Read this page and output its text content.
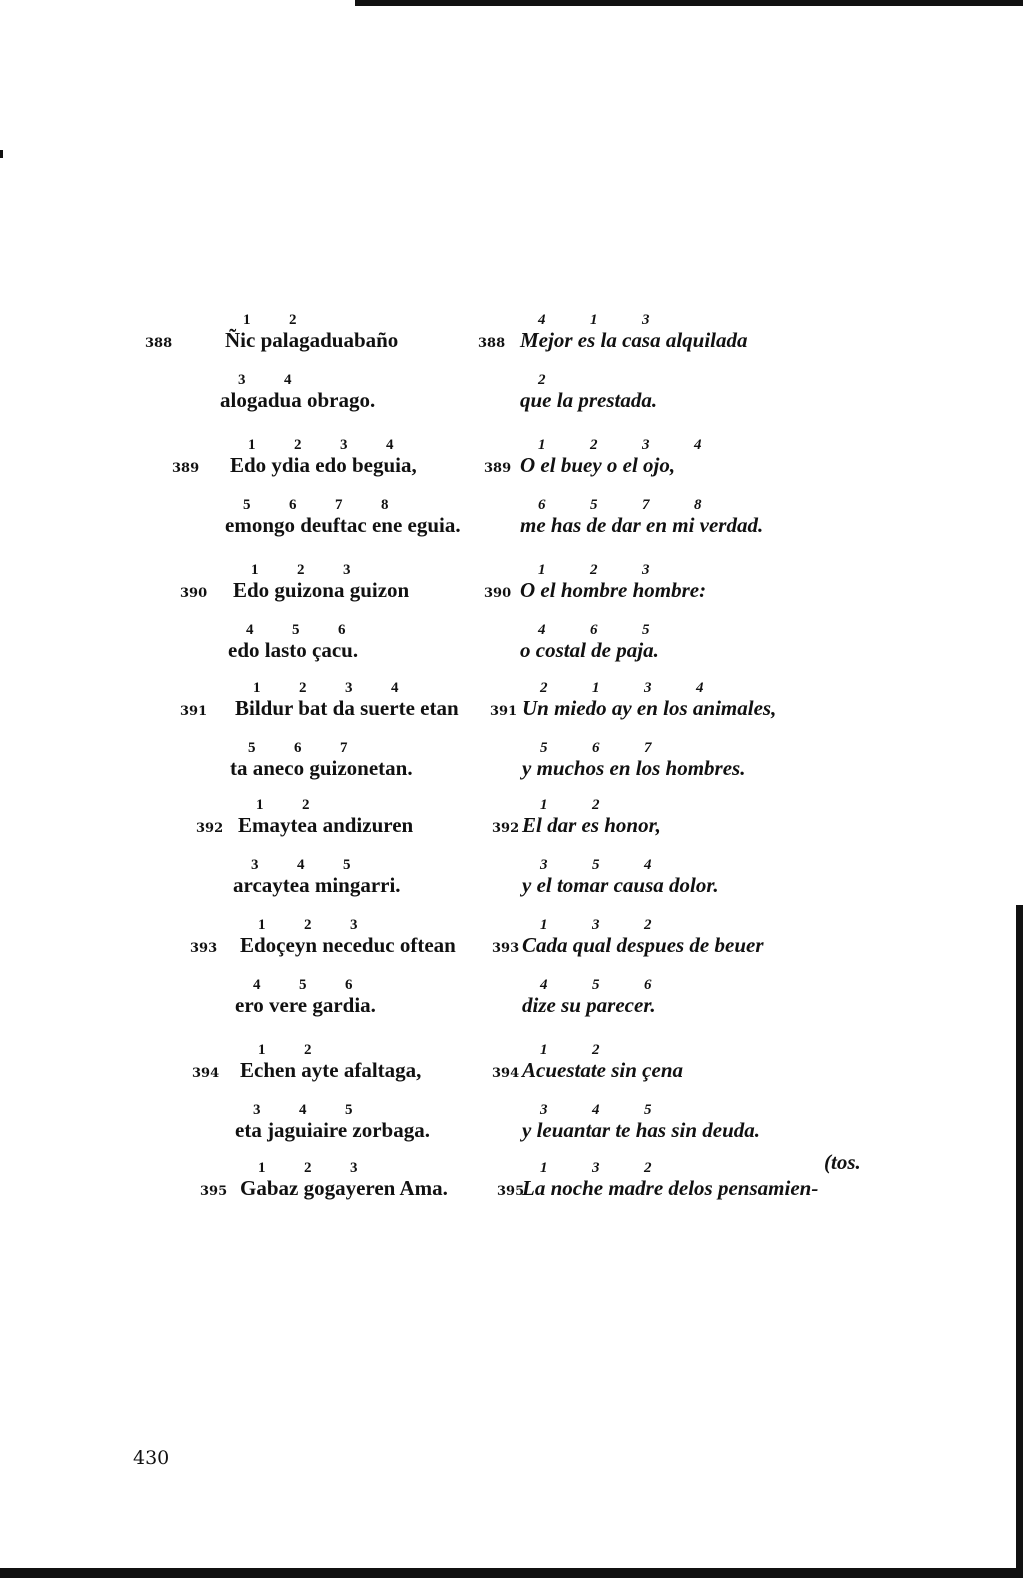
388	Ñic palagaduabaño
1	2
alogadua obrago.
3	4
389 Edo ydia edo beguia,
1	2	3	4
emongo deuftac ene eguia.
5	6	7	8
390 Edo guizona guizon
1	2	3
edo lasto çacu.
4	5	6
391 Bildur bat da suerte etan
1	2	3	4
ta aneco guizonetan.
5	6	7
392 Emaytea andizuren
1	2
arcaytea mingarri.
3	4	5
393 Edoçeyn neceduc oftean
1	2	3
ero vere gardia.
4	5	6
394 Echen ayte afaltaga,
1	2
eta jaguiaire zorbaga.
3	4	5
395 Gabaz gogayeren Ama.
1	2	3
388 Mejor es la casa alquilada
4	1	3
que la prestada.
2
389 O el buey o el ojo,
1	2	3	4
me has de dar en mi verdad.
6	5	7	8
390 O el hombre hombre:
1	2	3
o costal de paja.
4	6	5
391 Un miedo ay en los animales,
2	1	3	4
y muchos en los hombres.
5	6	7
392 El dar es honor,
1	2
y el tomar causa dolor.
3	5	4
393 Cada qual despues de beuer
1	3	2
dize su parecer.
4	5	6
394 Acuestate sin çena
1	2
y leuantar te has sin deuda.
3	4	5
395
La noche madre delos pensamien-
1	3	2	(tos.
430
